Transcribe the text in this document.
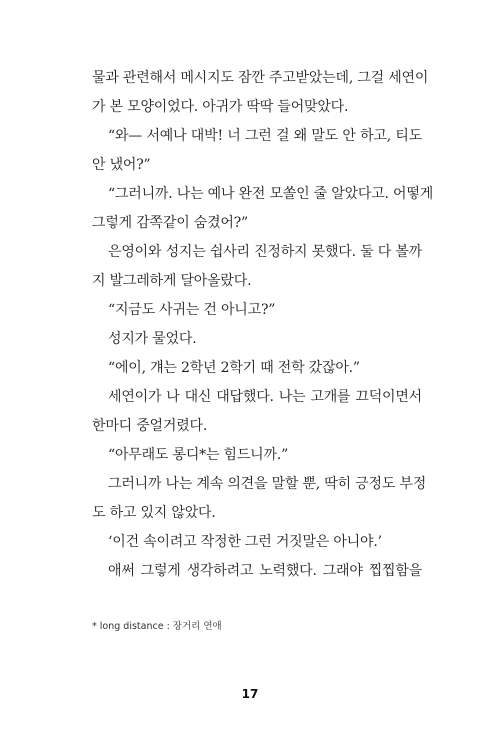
물과 관련해서 메시지도 잠깐 주고받았는데, 그걸 세연이
가 본 모양이었다. 아귀가 딱딱 들어맞았다.
“와— 서예나 대박! 너 그런 걸 왜 말도 안 하고, 티도
안 냈어?”
“그러니까. 나는 예나 완전 모쏠인 줄 알았다고. 어떻게
그렇게 감쪽같이 숨겼어?”
은영이와 성지는 쉽사리 진정하지 못했다. 둘 다 볼까
지 발그레하게 달아올랐다.
“지금도 사귀는 건 아니고?”
성지가 물었다.
“에이, 걔는 2학년 2학기 때 전학 갔잖아.”
세연이가 나 대신 대답했다. 나는 고개를 끄덕이면서
한마디 중얼거렸다.
“아무래도 롱디*는 힘드니까.”
그러니까 나는 계속 의견을 말할 뿐, 딱히 긍정도 부정
도 하고 있지 않았다.
‘이건 속이려고 작정한 그런 거짓말은 아니야.’
애써 그렇게 생각하려고 노력했다. 그래야 찝찝함을
* long distance : 장거리 연애
17
